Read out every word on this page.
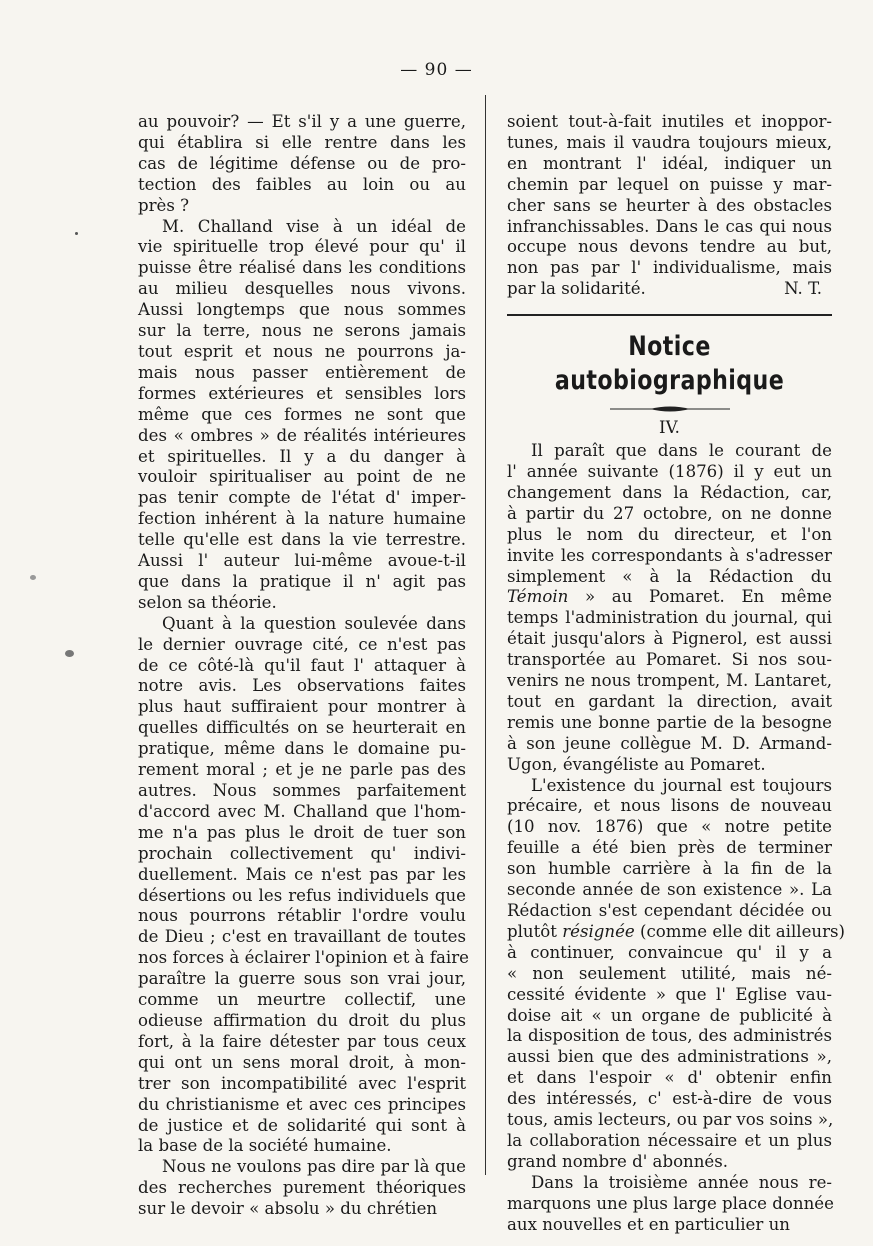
— 90 —

au pouvoir? — Et s'il y a une guerre,
qui établira si elle rentre dans les
cas de légitime défense ou de pro-
tection des faibles au loin ou au
près ?

M. Challand vise à un idéal de
vie spirituelle trop élevé pour qu' il
puisse être réalisé dans les conditions
au milieu desquelles nous vivons.
Aussi longtemps que nous sommes
sur la terre, nous ne serons jamais
tout esprit et nous ne pourrons ja-
mais nous passer entièrement de
formes extérieures et sensibles lors
même que ces formes ne sont que
des « ombres » de réalités intérieures
et spirituelles. Il y a du danger à
vouloir spiritualiser au point de ne
pas tenir compte de l'état d' imper-
fection inhérent à la nature humaine
telle qu'elle est dans la vie terrestre.
Aussi l' auteur lui-même avoue-t-il
que dans la pratique il n' agit pas
selon sa théorie.

Quant à la question soulevée dans
le dernier ouvrage cité, ce n'est pas
de ce côté-là qu'il faut l' attaquer à
notre avis. Les observations faites
plus haut suffiraient pour montrer à
quelles difficultés on se heurterait en
pratique, même dans le domaine pu-
rement moral ; et je ne parle pas des
autres. Nous sommes parfaitement
d'accord avec M. Challand que l'hom-
me n'a pas plus le droit de tuer son
prochain collectivement qu' indivi-
duellement. Mais ce n'est pas par les
désertions ou les refus individuels que
nous pourrons rétablir l'ordre voulu
de Dieu ; c'est en travaillant de toutes
nos forces à éclairer l'opinion et à faire
paraître la guerre sous son vrai jour,
comme un meurtre collectif, une
odieuse affirmation du droit du plus
fort, à la faire détester par tous ceux
qui ont un sens moral droit, à mon-
trer son incompatibilité avec l'esprit
du christianisme et avec ces principes
de justice et de solidarité qui sont à
la base de la société humaine.

Nous ne voulons pas dire par là que
des recherches purement théoriques
sur le devoir « absolu » du chrétien

soient tout-à-fait inutiles et inoppor-
tunes, mais il vaudra toujours mieux,
en montrant l' idéal, indiquer un
chemin par lequel on puisse y mar-
cher sans se heurter à des obstacles
infranchissables. Dans le cas qui nous
occupe nous devons tendre au but,
non pas par l' individualisme, mais
par la solidarité.	N. T.

Notice autobiographique
IV.

Il paraît que dans le courant de
l' année suivante (1876) il y eut un
changement dans la Rédaction, car,
à partir du 27 octobre, on ne donne
plus le nom du directeur, et l'on
invite les correspondants à s'adresser
simplement « à la Rédaction du
Témoin » au Pomaret. En même
temps l'administration du journal, qui
était jusqu'alors à Pignerol, est aussi
transportée au Pomaret. Si nos sou-
venirs ne nous trompent, M. Lantaret,
tout en gardant la direction, avait
remis une bonne partie de la besogne
à son jeune collègue M. D. Armand-
Ugon, évangéliste au Pomaret.

L'existence du journal est toujours
précaire, et nous lisons de nouveau
(10 nov. 1876) que « notre petite
feuille a été bien près de terminer
son humble carrière à la fin de la
seconde année de son existence ». La
Rédaction s'est cependant décidée ou
plutôt résignée (comme elle dit ailleurs)
à continuer, convaincue qu' il y a
« non seulement utilité, mais né-
cessité évidente » que l' Eglise vau-
doise ait « un organe de publicité à
la disposition de tous, des administrés
aussi bien que des administrations »,
et dans l'espoir « d' obtenir enfin
des intéressés, c' est-à-dire de vous
tous, amis lecteurs, ou par vos soins »,
la collaboration nécessaire et un plus
grand nombre d' abonnés.

Dans la troisième année nous re-
marquons une plus large place donnée
aux nouvelles et en particulier un
